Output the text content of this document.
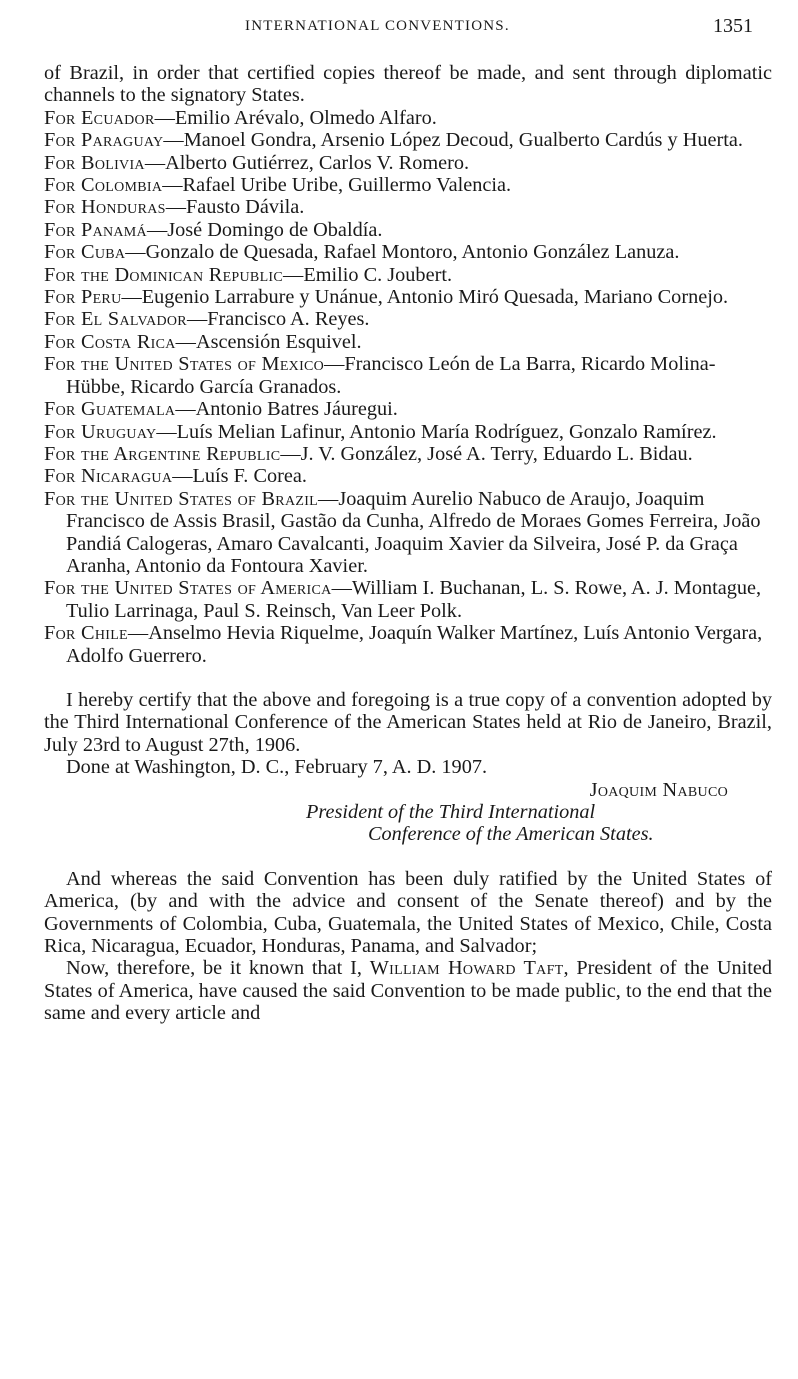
INTERNATIONAL CONVENTIONS.	1351

of Brazil, in order that certified copies thereof be made, and sent through diplomatic channels to the signatory States.

For Ecuador—Emilio Arévalo, Olmedo Alfaro.

For Paraguay—Manoel Gondra, Arsenio López Decoud, Gualberto Cardús y Huerta.

For Bolivia—Alberto Gutiérrez, Carlos V. Romero.

For Colombia—Rafael Uribe Uribe, Guillermo Valencia.

For Honduras—Fausto Dávila.

For Panamá—José Domingo de Obaldía.

For Cuba—Gonzalo de Quesada, Rafael Montoro, Antonio González Lanuza.

For the Dominican Republic—Emilio C. Joubert.

For Peru—Eugenio Larrabure y Unánue, Antonio Miró Quesada, Mariano Cornejo.

For El Salvador—Francisco A. Reyes.

For Costa Rica—Ascensión Esquivel.

For the United States of Mexico—Francisco León de La Barra, Ricardo Molina-Hübbe, Ricardo García Granados.

For Guatemala—Antonio Batres Jáuregui.

For Uruguay—Luís Melian Lafinur, Antonio María Rodríguez, Gonzalo Ramírez.

For the Argentine Republic—J. V. González, José A. Terry, Eduardo L. Bidau.

For Nicaragua—Luís F. Corea.

For the United States of Brazil—Joaquim Aurelio Nabuco de Araujo, Joaquim Francisco de Assis Brasil, Gastão da Cunha, Alfredo de Moraes Gomes Ferreira, João Pandiá Calogeras, Amaro Cavalcanti, Joaquim Xavier da Silveira, José P. da Graça Aranha, Antonio da Fontoura Xavier.

For the United States of America—William I. Buchanan, L. S. Rowe, A. J. Montague, Tulio Larrinaga, Paul S. Reinsch, Van Leer Polk.

For Chile—Anselmo Hevia Riquelme, Joaquín Walker Martínez, Luís Antonio Vergara, Adolfo Guerrero.

I hereby certify that the above and foregoing is a true copy of a convention adopted by the Third International Conference of the American States held at Rio de Janeiro, Brazil, July 23rd to August 27th, 1906.

Done at Washington, D. C., February 7, A. D. 1907.

Joaquim Nabuco

President of the Third International

Conference of the American States.

And whereas the said Convention has been duly ratified by the United States of America, (by and with the advice and consent of the Senate thereof) and by the Governments of Colombia, Cuba, Guatemala, the United States of Mexico, Chile, Costa Rica, Nicaragua, Ecuador, Honduras, Panama, and Salvador;

Now, therefore, be it known that I, William Howard Taft, President of the United States of America, have caused the said Convention to be made public, to the end that the same and every article and
